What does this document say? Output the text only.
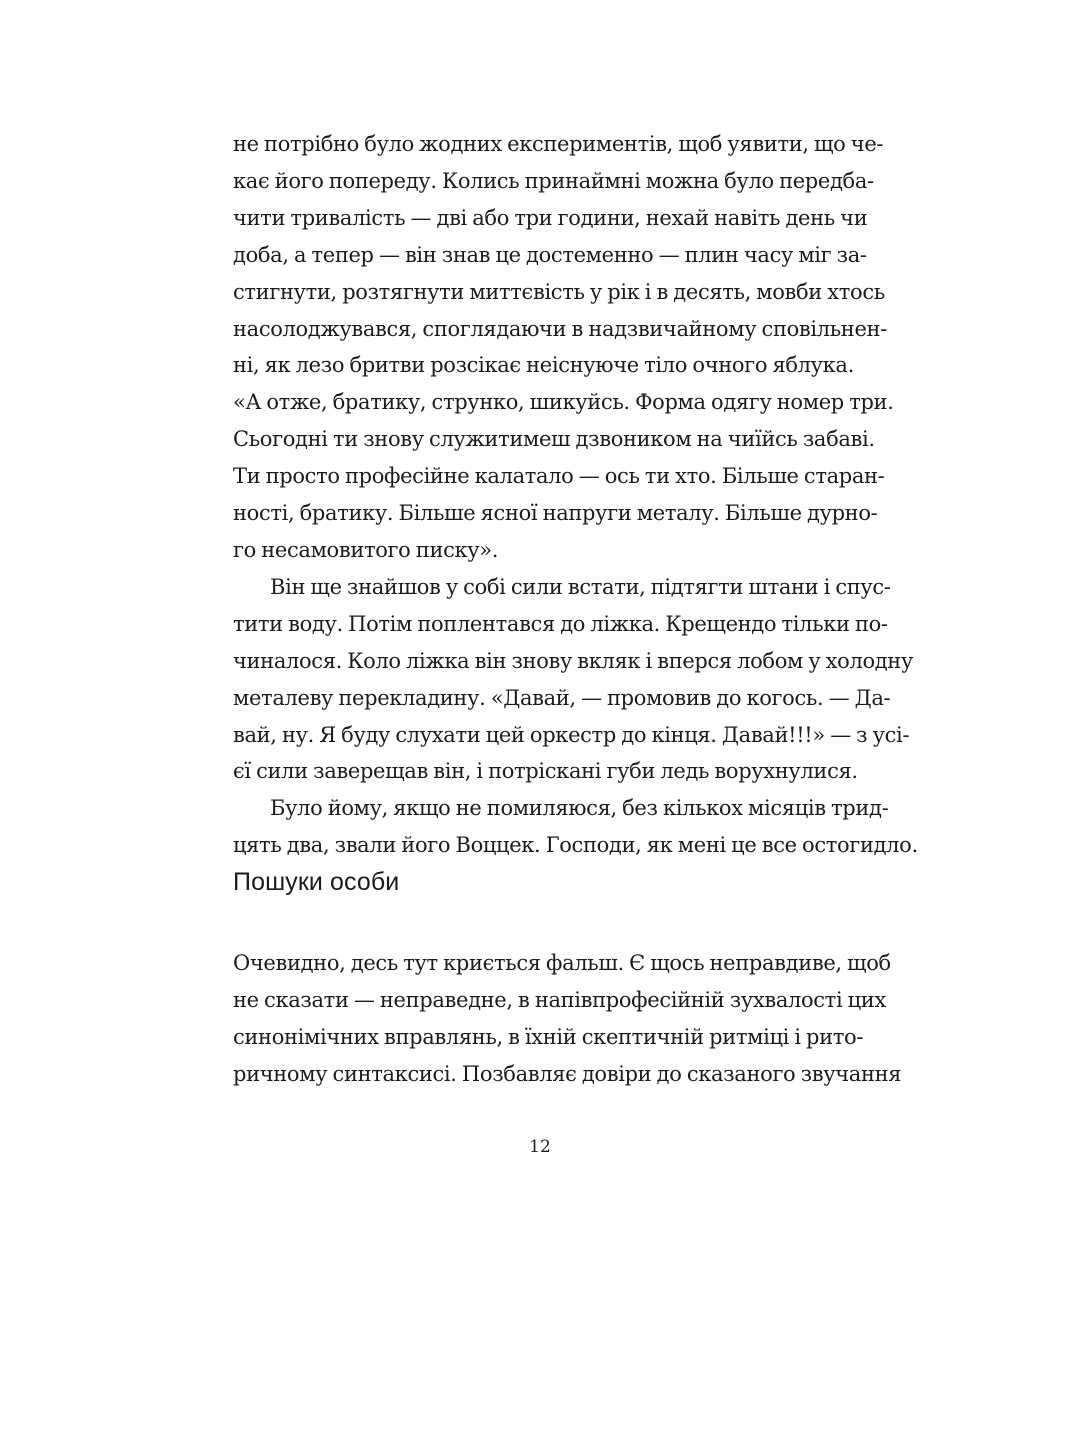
не потрібно було жодних експериментів, щоб уявити, що че-
кає його попереду. Колись принаймні можна було передба-
чити тривалість — дві або три години, нехай навіть день чи
доба, а тепер — він знав це достеменно — плин часу міг за-
стигнути, розтягнути миттєвість у рік і в десять, мовби хтось
насолоджувався, споглядаючи в надзвичайному сповільнен-
ні, як лезо бритви розсікає неіснуюче тіло очного яблука.
«А отже, братику, струнко, шикуйсь. Форма одягу номер три.
Сьогодні ти знову служитимеш дзвоником на чиїйсь забаві.
Ти просто професійне калатало — ось ти хто. Більше старан-
ності, братику. Більше ясної напруги металу. Більше дурно-
го несамовитого писку».
Він ще знайшов у собі сили встати, підтягти штани і спус-
тити воду. Потім поплентався до ліжка. Крещендо тільки по-
чиналося. Коло ліжка він знову вкляк і вперся лобом у холодну
металеву перекладину. «Давай, — промовив до когось. — Да-
вай, ну. Я буду слухати цей оркестр до кінця. Давай!!!» — з усі-
єї сили заверещав він, і потріскані губи ледь ворухнулися.
Було йому, якщо не помиляюся, без кількох місяців трид-
цять два, звали його Воццек. Господи, як мені це все остогидло.
Пошуки особи
Очевидно, десь тут криється фальш. Є щось неправдиве, щоб
не сказати — неправедне, в напівпрофесійній зухвалості цих
синонімічних вправлянь, в їхній скептичній ритміці і рито-
ричному синтаксисі. Позбавляє довіри до сказаного звучання
12
